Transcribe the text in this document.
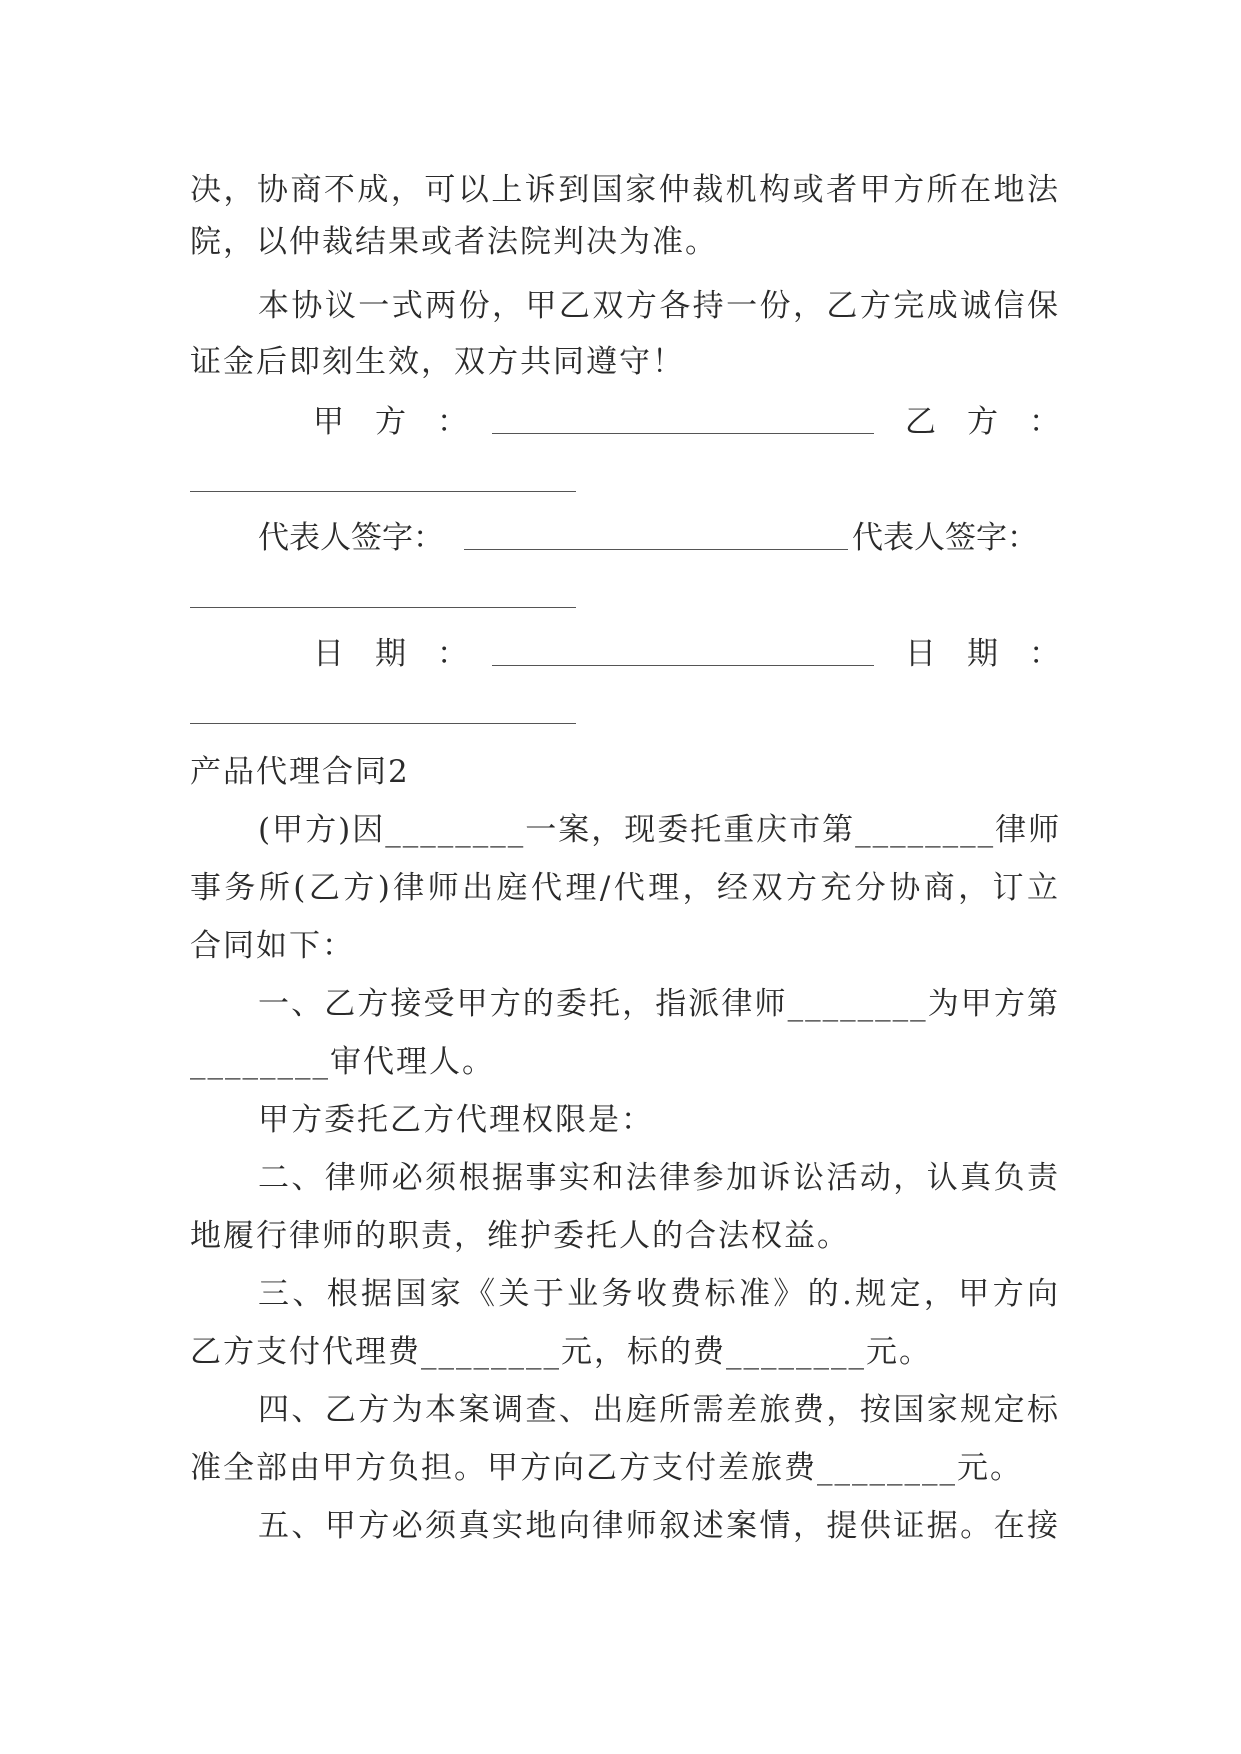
决，协商不成，可以上诉到国家仲裁机构或者甲方所在地法
院，以仲裁结果或者法院判决为准。
本协议一式两份，甲乙双方各持一份，乙方完成诚信保
证金后即刻生效，双方共同遵守！
甲　方　：	乙　方　：
代表人签字：	代表人签字：
日　期　：	日　期　：
产品代理合同2
(甲方)因________一案，现委托重庆市第________律师
事务所(乙方)律师出庭代理/代理，经双方充分协商，订立
合同如下：
一、乙方接受甲方的委托，指派律师________为甲方第
________审代理人。
甲方委托乙方代理权限是：
二、律师必须根据事实和法律参加诉讼活动，认真负责
地履行律师的职责，维护委托人的合法权益。
三、根据国家《关于业务收费标准》的.规定，甲方向
乙方支付代理费________元，标的费________元。
四、乙方为本案调查、出庭所需差旅费，按国家规定标
准全部由甲方负担。甲方向乙方支付差旅费________元。
五、甲方必须真实地向律师叙述案情，提供证据。在接
